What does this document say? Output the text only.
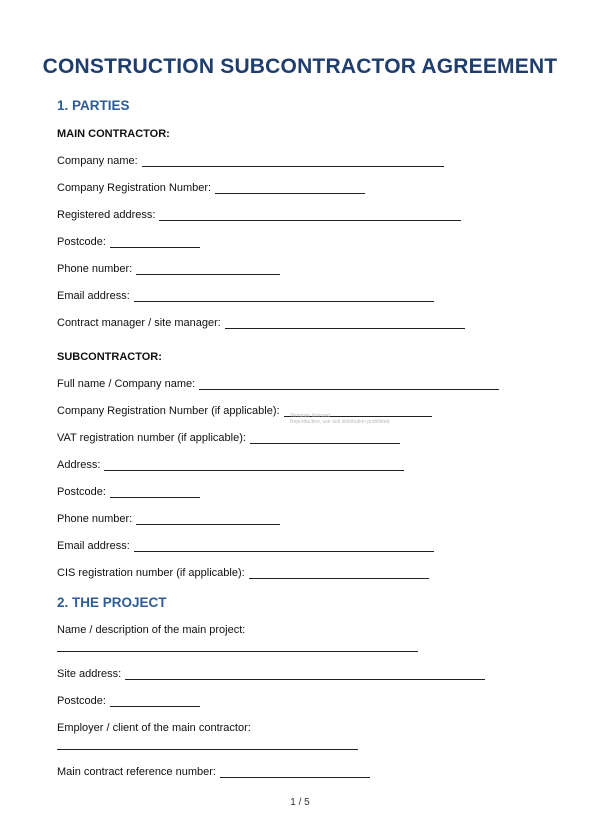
CONSTRUCTION SUBCONTRACTOR AGREEMENT
1. PARTIES
MAIN CONTRACTOR:
Company name:
Company Registration Number:
Registered address:
Postcode:
Phone number:
Email address:
Contract manager / site manager:
SUBCONTRACTOR:
Full name / Company name:
Company Registration Number (if applicable): Template licensed
Reproduction, use and distribution prohibited.
VAT registration number (if applicable):
Address:
Postcode:
Phone number:
Email address:
CIS registration number (if applicable):
2. THE PROJECT
Name / description of the main project:
Site address:
Postcode:
Employer / client of the main contractor:
Main contract reference number:
1 / 5
